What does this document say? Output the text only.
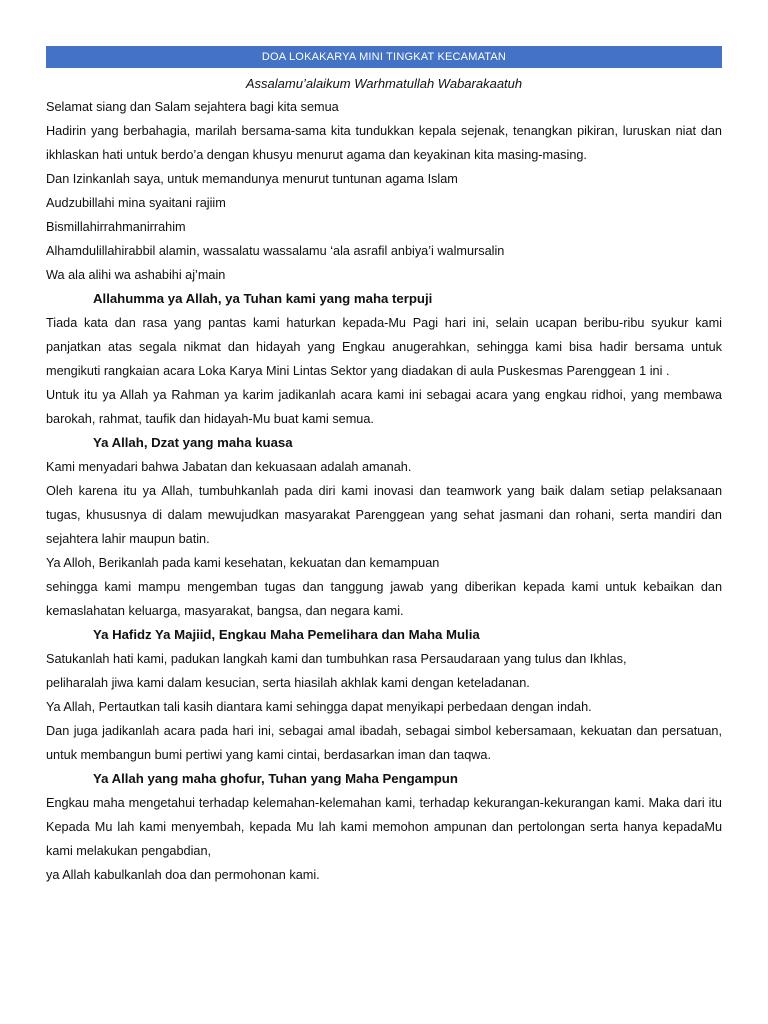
DOA LOKAKARYA MINI TINGKAT KECAMATAN
Assalamu’alaikum Warhmatullah Wabarakaatuh

Selamat siang dan Salam sejahtera bagi kita semua

Hadirin yang berbahagia, marilah bersama-sama kita tundukkan kepala sejenak, tenangkan pikiran, luruskan niat dan ikhlaskan hati untuk berdo’a dengan khusyu menurut agama dan keyakinan kita masing-masing.

Dan Izinkanlah saya, untuk memandunya menurut tuntunan agama Islam

Audzubillahi mina syaitani rajiim

Bismillahirrahmanirrahim

Alhamdulillahirabbil alamin, wassalatu wassalamu ‘ala asrafil anbiya’i walmursalin

Wa ala alihi wa ashabihi aj’main

Allahumma ya Allah, ya Tuhan kami yang maha terpuji

Tiada kata dan rasa yang pantas kami haturkan kepada-Mu Pagi hari ini, selain ucapan beribu-ribu syukur kami panjatkan atas segala nikmat dan hidayah yang Engkau anugerahkan, sehingga kami bisa hadir bersama untuk mengikuti rangkaian acara Loka Karya Mini Lintas Sektor yang diadakan di aula Puskesmas Parenggean 1 ini .

Untuk itu ya Allah ya Rahman ya karim jadikanlah acara kami ini sebagai acara yang engkau ridhoi, yang membawa barokah, rahmat, taufik dan hidayah-Mu buat kami semua.

Ya Allah, Dzat yang maha kuasa

Kami menyadari bahwa Jabatan dan kekuasaan adalah amanah.

Oleh karena itu ya Allah, tumbuhkanlah pada diri kami inovasi dan teamwork yang baik dalam setiap pelaksanaan tugas, khususnya di dalam mewujudkan masyarakat Parenggean yang sehat jasmani dan rohani, serta mandiri dan sejahtera lahir maupun batin.

Ya Alloh, Berikanlah pada kami kesehatan, kekuatan dan kemampuan

sehingga kami mampu mengemban tugas dan tanggung jawab yang diberikan kepada kami untuk kebaikan dan kemaslahatan keluarga, masyarakat, bangsa, dan negara kami.

Ya Hafidz Ya Majiid, Engkau Maha Pemelihara dan Maha Mulia

Satukanlah hati kami, padukan langkah kami dan tumbuhkan rasa Persaudaraan yang tulus dan Ikhlas,

peliharalah jiwa kami dalam kesucian, serta hiasilah akhlak kami dengan keteladanan.

Ya Allah, Pertautkan tali kasih diantara kami sehingga dapat menyikapi perbedaan dengan indah.

Dan juga jadikanlah acara pada hari ini, sebagai amal ibadah, sebagai simbol kebersamaan, kekuatan dan persatuan, untuk membangun bumi pertiwi yang kami cintai, berdasarkan iman dan taqwa.

Ya Allah yang maha ghofur, Tuhan yang Maha Pengampun

Engkau maha mengetahui terhadap kelemahan-kelemahan kami, terhadap kekurangan-kekurangan kami. Maka dari itu Kepada Mu lah kami menyembah, kepada Mu lah kami memohon ampunan dan pertolongan serta hanya kepadaMu kami melakukan pengabdian,

ya Allah kabulkanlah doa dan permohonan kami.
